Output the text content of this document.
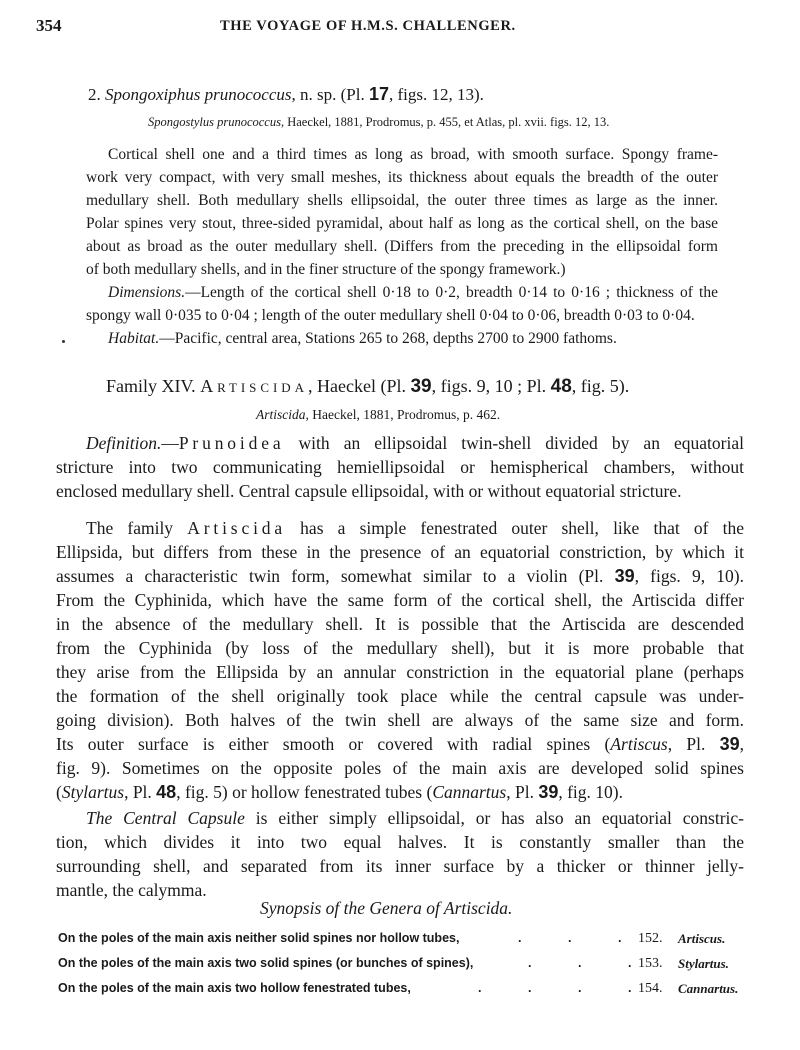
354	THE VOYAGE OF H.M.S. CHALLENGER.
2. Spongoxiphus prunococcus, n. sp. (Pl. 17, figs. 12, 13).
Spongostylus prunococcus, Haeckel, 1881, Prodromus, p. 455, et Atlas, pl. xvii. figs. 12, 13.
Cortical shell one and a third times as long as broad, with smooth surface. Spongy frame-
work very compact, with very small meshes, its thickness about equals the breadth of the outer
medullary shell. Both medullary shells ellipsoidal, the outer three times as large as the inner.
Polar spines very stout, three-sided pyramidal, about half as long as the cortical shell, on the base
about as broad as the outer medullary shell. (Differs from the preceding in the ellipsoidal form
of both medullary shells, and in the finer structure of the spongy framework.)
Dimensions.—Length of the cortical shell 0·18 to 0·2, breadth 0·14 to 0·16 ; thickness of the
spongy wall 0·035 to 0·04 ; length of the outer medullary shell 0·04 to 0·06, breadth 0·03 to 0·04.
Habitat.—Pacific, central area, Stations 265 to 268, depths 2700 to 2900 fathoms.
Family XIV. Artiscida, Haeckel (Pl. 39, figs. 9, 10 ; Pl. 48, fig. 5).
Artiscida, Haeckel, 1881, Prodromus, p. 462.
Definition.—Prunoidea with an ellipsoidal twin-shell divided by an equatorial
stricture into two communicating hemiellipsoidal or hemispherical chambers, without
enclosed medullary shell. Central capsule ellipsoidal, with or without equatorial stricture.
The family Artiscida has a simple fenestrated outer shell, like that of the
Ellipsida, but differs from these in the presence of an equatorial constriction, by which it
assumes a characteristic twin form, somewhat similar to a violin (Pl. 39, figs. 9, 10).
From the Cyphinida, which have the same form of the cortical shell, the Artiscida differ
in the absence of the medullary shell. It is possible that the Artiscida are descended
from the Cyphinida (by loss of the medullary shell), but it is more probable that
they arise from the Ellipsida by an annular constriction in the equatorial plane (perhaps
the formation of the shell originally took place while the central capsule was under-
going division). Both halves of the twin shell are always of the same size and form.
Its outer surface is either smooth or covered with radial spines (Artiscus, Pl. 39,
fig. 9). Sometimes on the opposite poles of the main axis are developed solid spines
(Stylartus, Pl. 48, fig. 5) or hollow fenestrated tubes (Cannartus, Pl. 39, fig. 10).
The Central Capsule is either simply ellipsoidal, or has also an equatorial constric-
tion, which divides it into two equal halves. It is constantly smaller than the
surrounding shell, and separated from its inner surface by a thicker or thinner jelly-
mantle, the calymma.
Synopsis of the Genera of Artiscida.
On the poles of the main axis neither solid spines nor hollow tubes,	.	.	. 152. Artiscus.
On the poles of the main axis two solid spines (or bunches of spines),	.	.	. 153. Stylartus.
On the poles of the main axis two hollow fenestrated tubes,	.	.	.	. 154. Cannartus.
